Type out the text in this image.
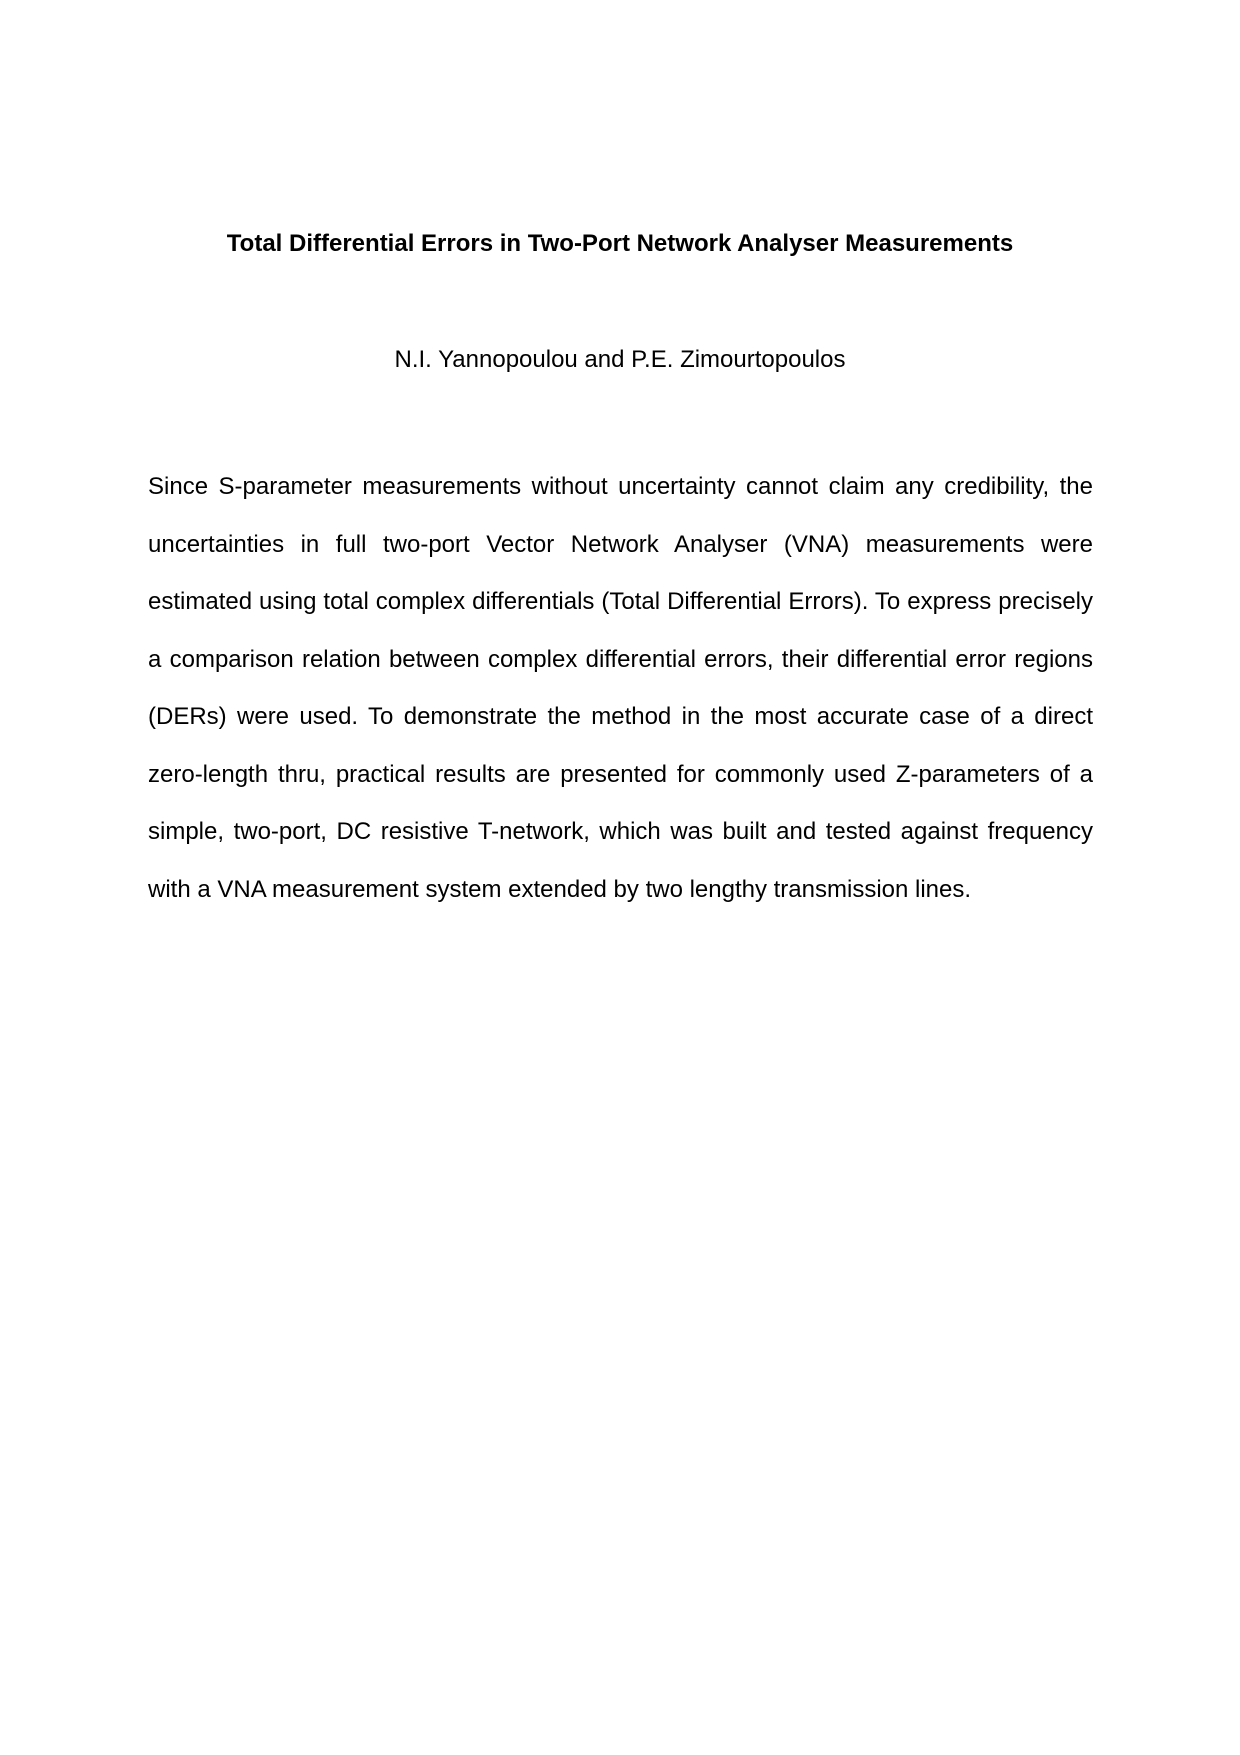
Total Differential Errors in Two-Port Network Analyser Measurements

N.I. Yannopoulou and P.E. Zimourtopoulos

Since S-parameter measurements without uncertainty cannot claim any credibility, the uncertainties in full two-port Vector Network Analyser (VNA) measurements were estimated using total complex differentials (Total Differential Errors). To express precisely a comparison relation between complex differential errors, their differential error regions (DERs) were used. To demonstrate the method in the most accurate case of a direct zero-length thru, practical results are presented for commonly used Z-parameters of a simple, two-port, DC resistive T-network, which was built and tested against frequency with a VNA measurement system extended by two lengthy transmission lines.
